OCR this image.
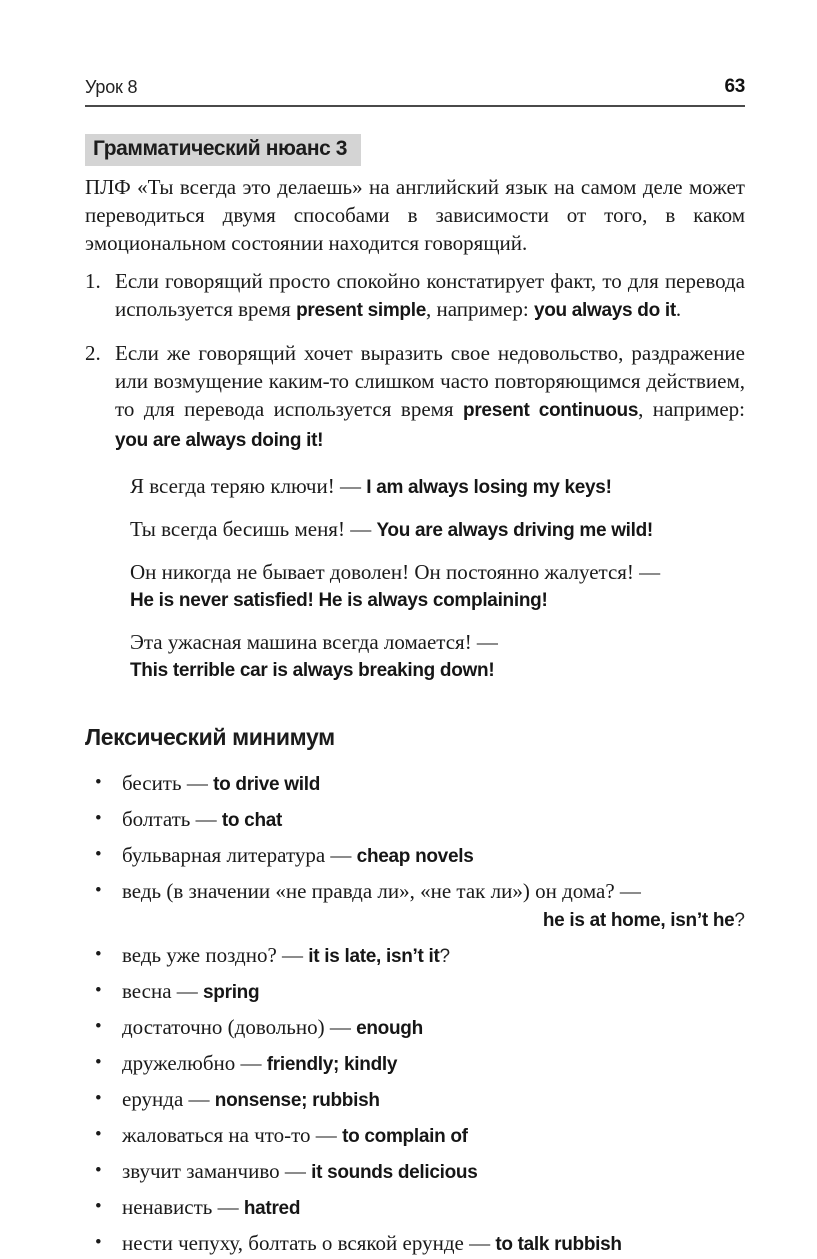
Урок 8	63
Грамматический нюанс 3

ПЛФ «Ты всегда это делаешь» на английский язык на самом деле может переводиться двумя способами в зависимости от того, в каком эмоциональном состоянии находится говорящий.

1. Если говорящий просто спокойно констатирует факт, то для перевода используется время present simple, например: you always do it.
2. Если же говорящий хочет выразить свое недовольство, раздражение или возмущение каким-то слишком часто повторяющимся действием, то для перевода используется время present continuous, например: you are always doing it!

Я всегда теряю ключи! — I am always losing my keys!

Ты всегда бесишь меня! — You are always driving me wild!

Он никогда не бывает доволен! Он постоянно жалуется! — He is never satisfied! He is always complaining!

Эта ужасная машина всегда ломается! — This terrible car is always breaking down!

Лексический минимум
• бесить — to drive wild
• болтать — to chat
• бульварная литература — cheap novels
• ведь (в значении «не правда ли», «не так ли») он дома? —
he is at home, isn’t he?
• ведь уже поздно? — it is late, isn’t it?
• весна — spring
• достаточно (довольно) — enough
• дружелюбно — friendly; kindly
• ерунда — nonsense; rubbish
• жаловаться на что-то — to complain of
• звучит заманчиво — it sounds delicious
• ненависть — hatred
• нести чепуху, болтать о всякой ерунде — to talk rubbish
